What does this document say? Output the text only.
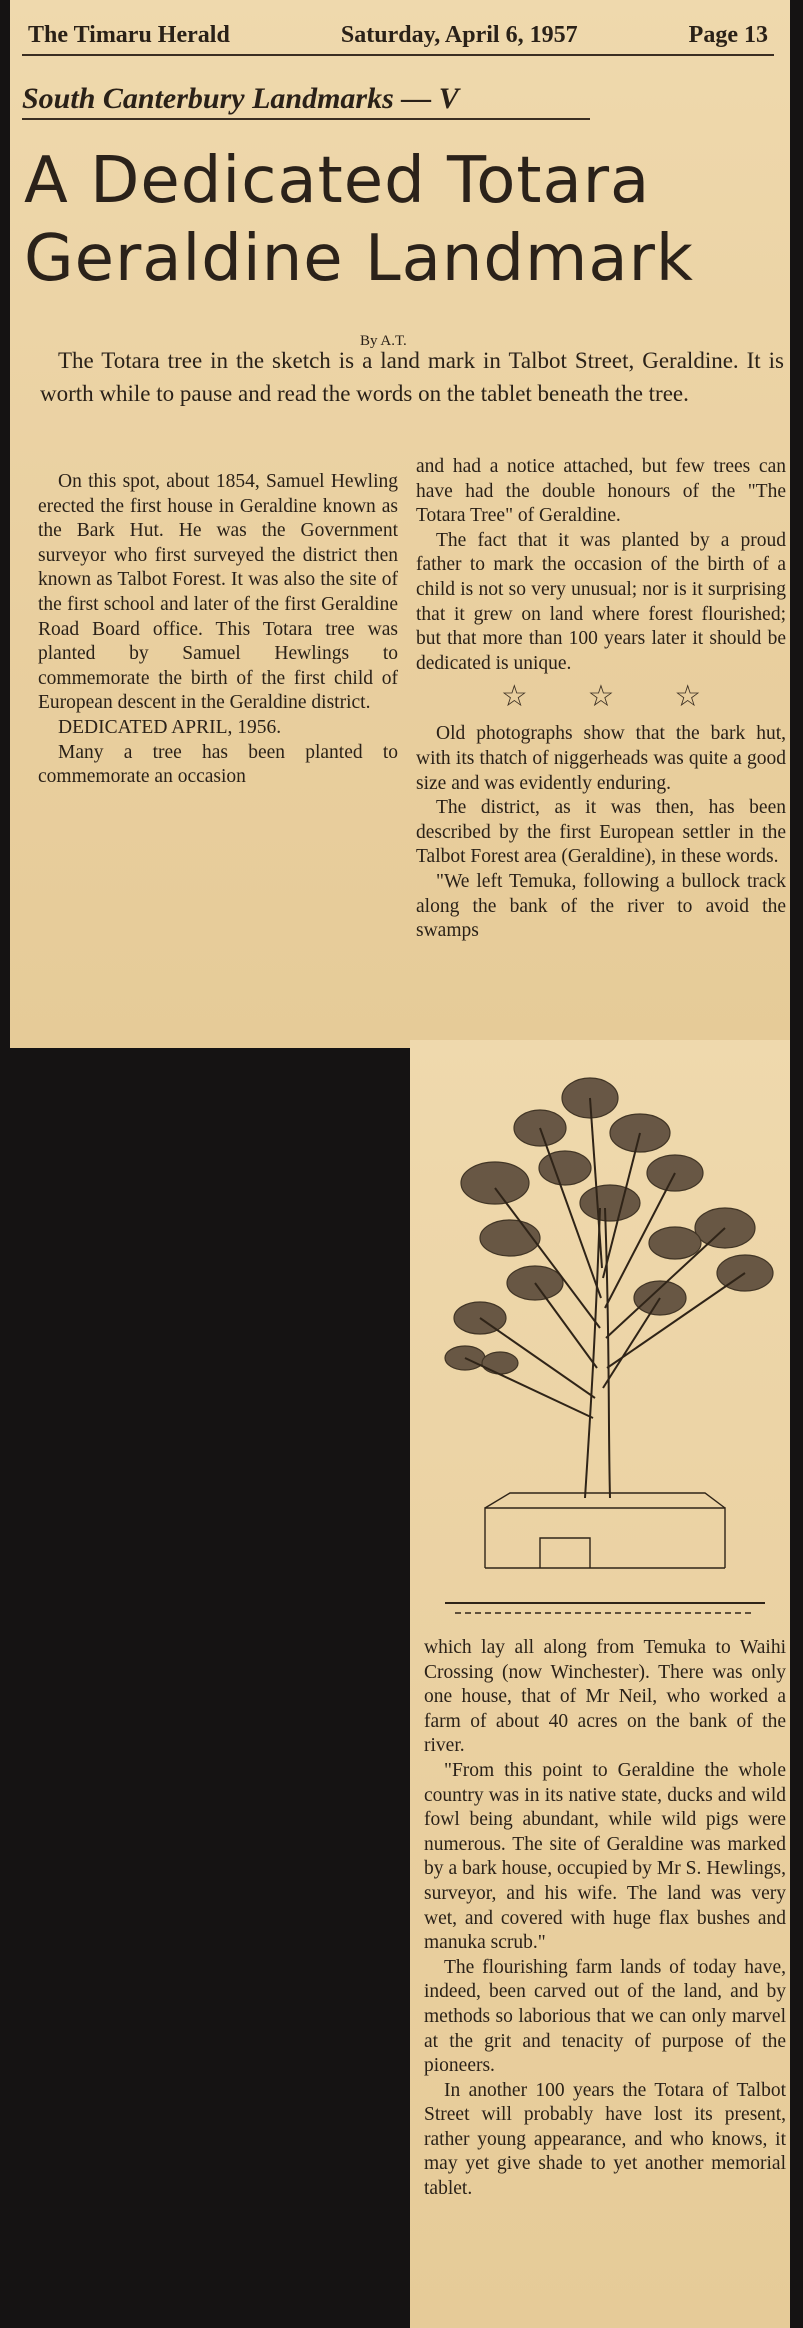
The Timaru Herald	Saturday, April 6, 1957	Page 13
South Canterbury Landmarks — V
A Dedicated Totara
Geraldine Landmark
By A.T.
The Totara tree in the sketch is a land mark in Talbot Street, Geraldine. It is worth while to pause and read the words on the tablet beneath the tree.

On this spot, about 1854, Samuel Hewling erected the first house in Geraldine known as the Bark Hut. He was the Government surveyor who first surveyed the district then known as Talbot Forest. It was also the site of the first school and later of the first Geraldine Road Board office. This Totara tree was planted by Samuel Hewlings to commemorate the birth of the first child of European descent in the Geraldine district.

DEDICATED APRIL, 1956.

Many a tree has been planted to commemorate an occasion

and had a notice attached, but few trees can have had the double honours of the "The Totara Tree" of Geraldine.

The fact that it was planted by a proud father to mark the occasion of the birth of a child is not so very unusual; nor is it surprising that it grew on land where forest flourished; but that more than 100 years later it should be dedicated is unique.

☆ ☆ ☆

Old photographs show that the bark hut, with its thatch of niggerheads was quite a good size and was evidently enduring.

The district, as it was then, has been described by the first European settler in the Talbot Forest area (Geraldine), in these words.

"We left Temuka, following a bullock track along the bank of the river to avoid the swamps

which lay all along from Temuka to Waihi Crossing (now Winchester). There was only one house, that of Mr Neil, who worked a farm of about 40 acres on the bank of the river.

"From this point to Geraldine the whole country was in its native state, ducks and wild fowl being abundant, while wild pigs were numerous. The site of Geraldine was marked by a bark house, occupied by Mr S. Hewlings, surveyor, and his wife. The land was very wet, and covered with huge flax bushes and manuka scrub."

The flourishing farm lands of today have, indeed, been carved out of the land, and by methods so laborious that we can only marvel at the grit and tenacity of purpose of the pioneers.

In another 100 years the Totara of Talbot Street will probably have lost its present, rather young appearance, and who knows, it may yet give shade to yet another memorial tablet.
